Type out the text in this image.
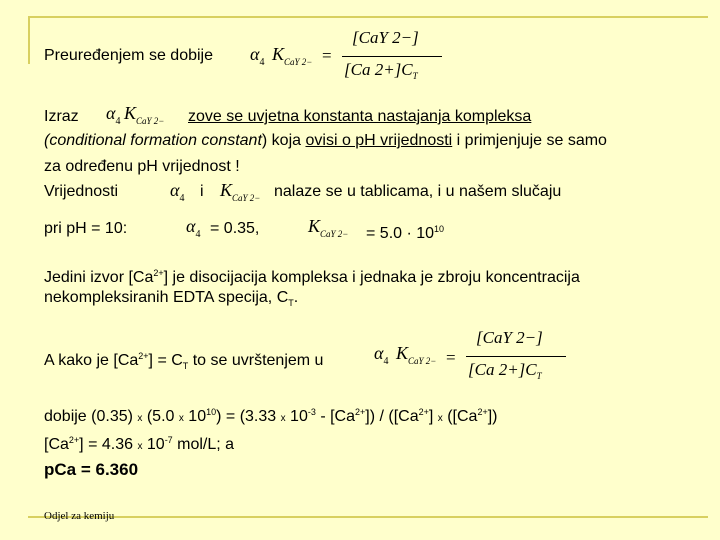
Preuređenjem se dobije $\alpha_4$ $K_{CaY 2-}$ =
[CaY 2−]
[Ca $2+]C_T$
Izraz $\alpha_4$ $K_{CaY 2-}$ zove se uvjetna konstanta nastajanja kompleksa
(conditional formation constant) koja ovisi o pH vrijednosti i primjenjuje se samo
za određenu pH vrijednost !
Vrijednosti	$\alpha_4$ i $K_{CaY 2-}$ nalaze se u tablicama, i u našem slučaju
pri pH = 10:	$\alpha_4 = 0.35$,	$K_{CaY 2-} = 5.0 \cdot 10^{10}$
Jedini izvor $[Ca^{2+}]$ je disocijacija kompleksa i jednaka je zbroju koncentracija
nekompleksiranih EDTA specija, $C_T$.
A kako je $[Ca^{2+}] = C_T$ to se uvrštenjem u	$\alpha_4$ $K_{CaY 2-}$ =
[CaY 2−]
[Ca $2+]C_T$
dobije (0.35) x (5.0 x $10^{10}) = (3.33$ x $10^{-3} - [Ca^{2+}]) / ([Ca^{2+}]$ x $([Ca^{2+}])$
$[Ca^{2+}] = 4.36$ x $10^{-7}$ mol/L; a
pCa = 6.360
Odjel za kemiju
